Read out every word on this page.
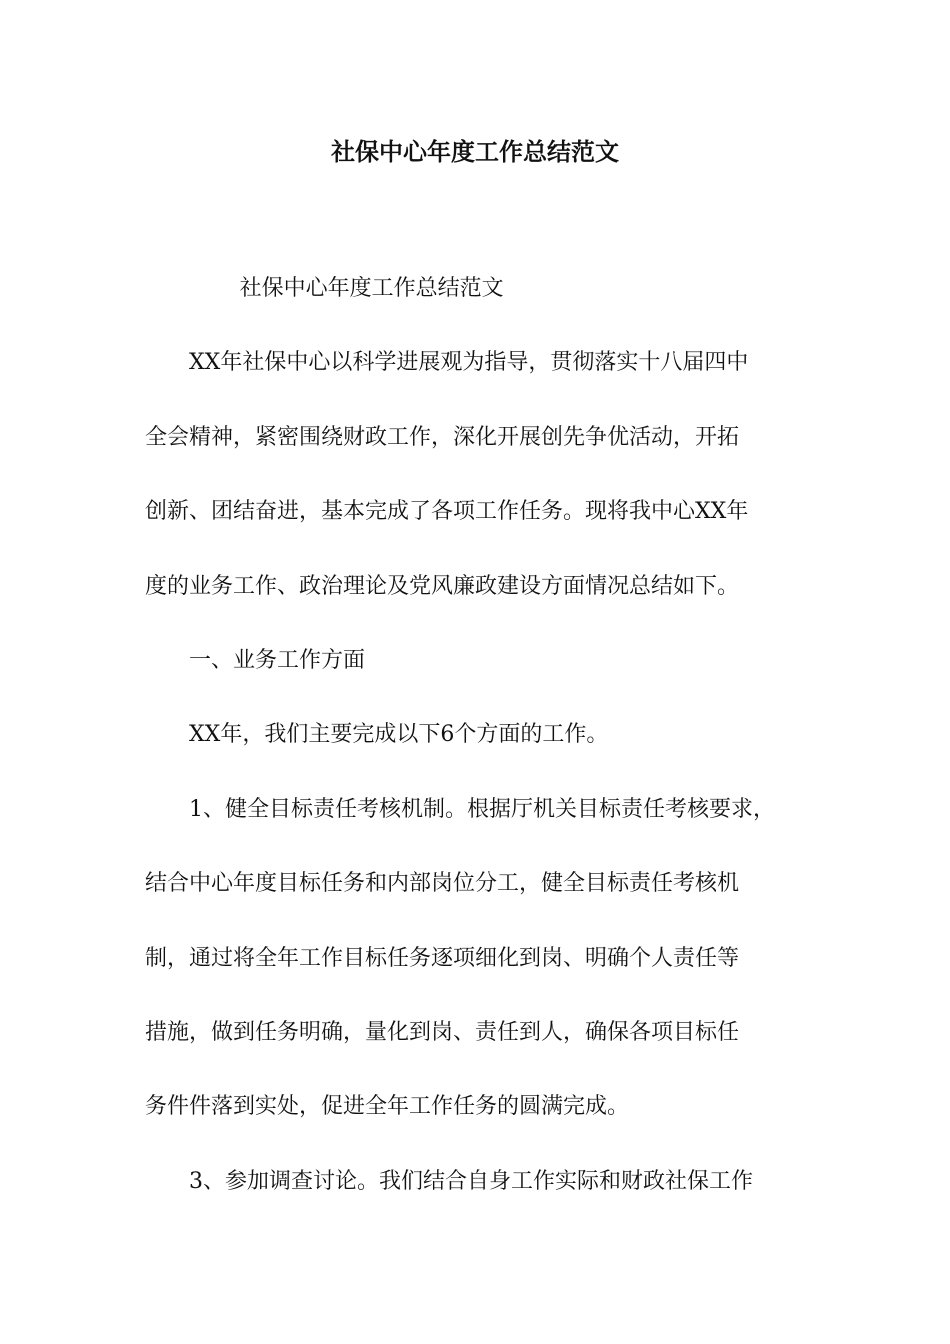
社保中心年度工作总结范文

社保中心年度工作总结范文

XX年社保中心以科学进展观为指导，贯彻落实十八届四中
全会精神，紧密围绕财政工作，深化开展创先争优活动，开拓
创新、团结奋进，基本完成了各项工作任务。现将我中心XX年
度的业务工作、政治理论及党风廉政建设方面情况总结如下。

一、业务工作方面

XX年，我们主要完成以下6个方面的工作。

1、健全目标责任考核机制。根据厅机关目标责任考核要求，
结合中心年度目标任务和内部岗位分工，健全目标责任考核机
制，通过将全年工作目标任务逐项细化到岗、明确个人责任等
措施，做到任务明确，量化到岗、责任到人，确保各项目标任
务件件落到实处，促进全年工作任务的圆满完成。

3、参加调查讨论。我们结合自身工作实际和财政社保工作
